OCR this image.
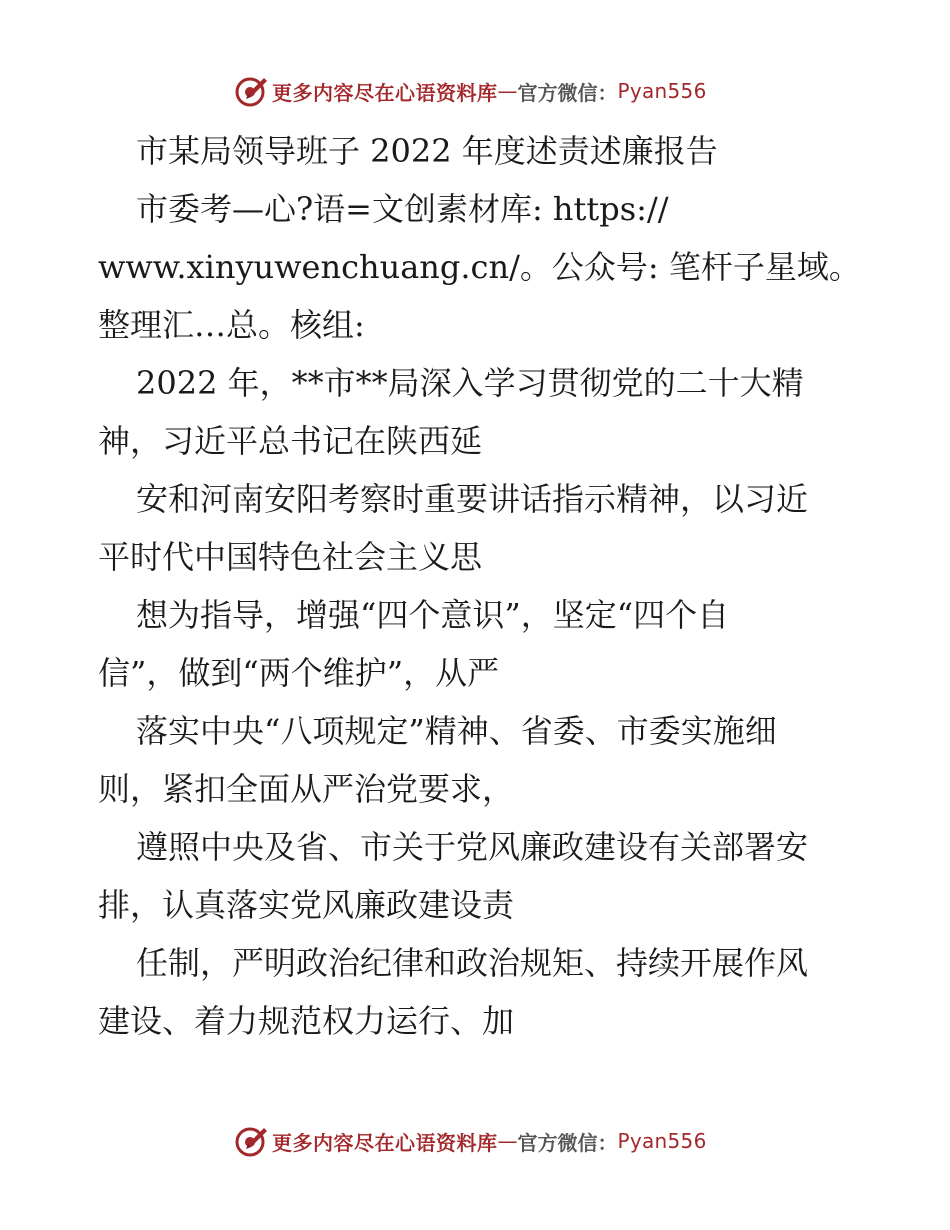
更多内容尽在心语资料库 — 官方微信： Pyan556
市某局领导班子 2022 年度述责述廉报告
市委考—心?语=文创素材库: https://
www.xinyuwenchuang.cn/。公众号: 笔杆子星域。
整理汇…总。核组:
2022 年，**市**局深入学习贯彻党的二十大精
神，习近平总书记在陕西延
安和河南安阳考察时重要讲话指示精神，以习近
平时代中国特色社会主义思
想为指导，增强“四个意识”，坚定“四个自
信”，做到“两个维护”，从严
落实中央“八项规定”精神、省委、市委实施细
则，紧扣全面从严治党要求，
遵照中央及省、市关于党风廉政建设有关部署安
排，认真落实党风廉政建设责
任制，严明政治纪律和政治规矩、持续开展作风
建设、着力规范权力运行、加
更多内容尽在心语资料库 — 官方微信： Pyan556
